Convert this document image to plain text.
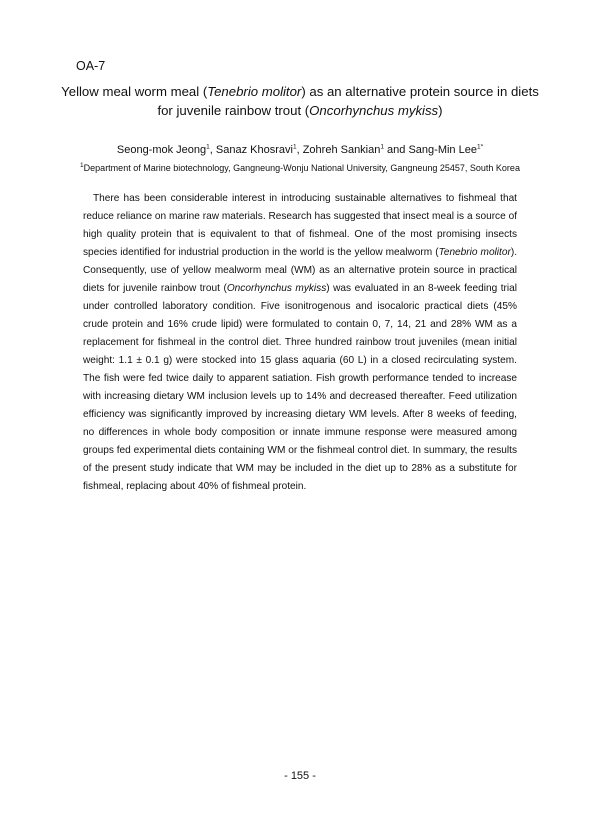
OA-7
Yellow meal worm meal (Tenebrio molitor) as an alternative protein source in diets
for juvenile rainbow trout (Oncorhynchus mykiss)
Seong-mok Jeong$^1$, Sanaz Khosravi$^1$, Zohreh Sankian$^1$ and Sang-Min Lee$^{1*}$
$^1$Department of Marine biotechnology, Gangneung-Wonju National University, Gangneung 25457, South Korea
There has been considerable interest in introducing sustainable alternatives to fishmeal that reduce reliance on marine raw materials. Research has suggested that insect meal is a source of high quality protein that is equivalent to that of fishmeal. One of the most promising insects species identified for industrial production in the world is the yellow mealworm (Tenebrio molitor). Consequently, use of yellow mealworm meal (WM) as an alternative protein source in practical diets for juvenile rainbow trout (Oncorhynchus mykiss) was evaluated in an 8-week feeding trial under controlled laboratory condition. Five isonitrogenous and isocaloric practical diets (45% crude protein and 16% crude lipid) were formulated to contain 0, 7, 14, 21 and 28% WM as a replacement for fishmeal in the control diet. Three hundred rainbow trout juveniles (mean initial weight: 1.1 ± 0.1 g) were stocked into 15 glass aquaria (60 L) in a closed recirculating system. The fish were fed twice daily to apparent satiation. Fish growth performance tended to increase with increasing dietary WM inclusion levels up to 14% and decreased thereafter. Feed utilization efficiency was significantly improved by increasing dietary WM levels. After 8 weeks of feeding, no differences in whole body composition or innate immune response were measured among groups fed experimental diets containing WM or the fishmeal control diet. In summary, the results of the present study indicate that WM may be included in the diet up to 28% as a substitute for fishmeal, replacing about 40% of fishmeal protein.
- 155 -
